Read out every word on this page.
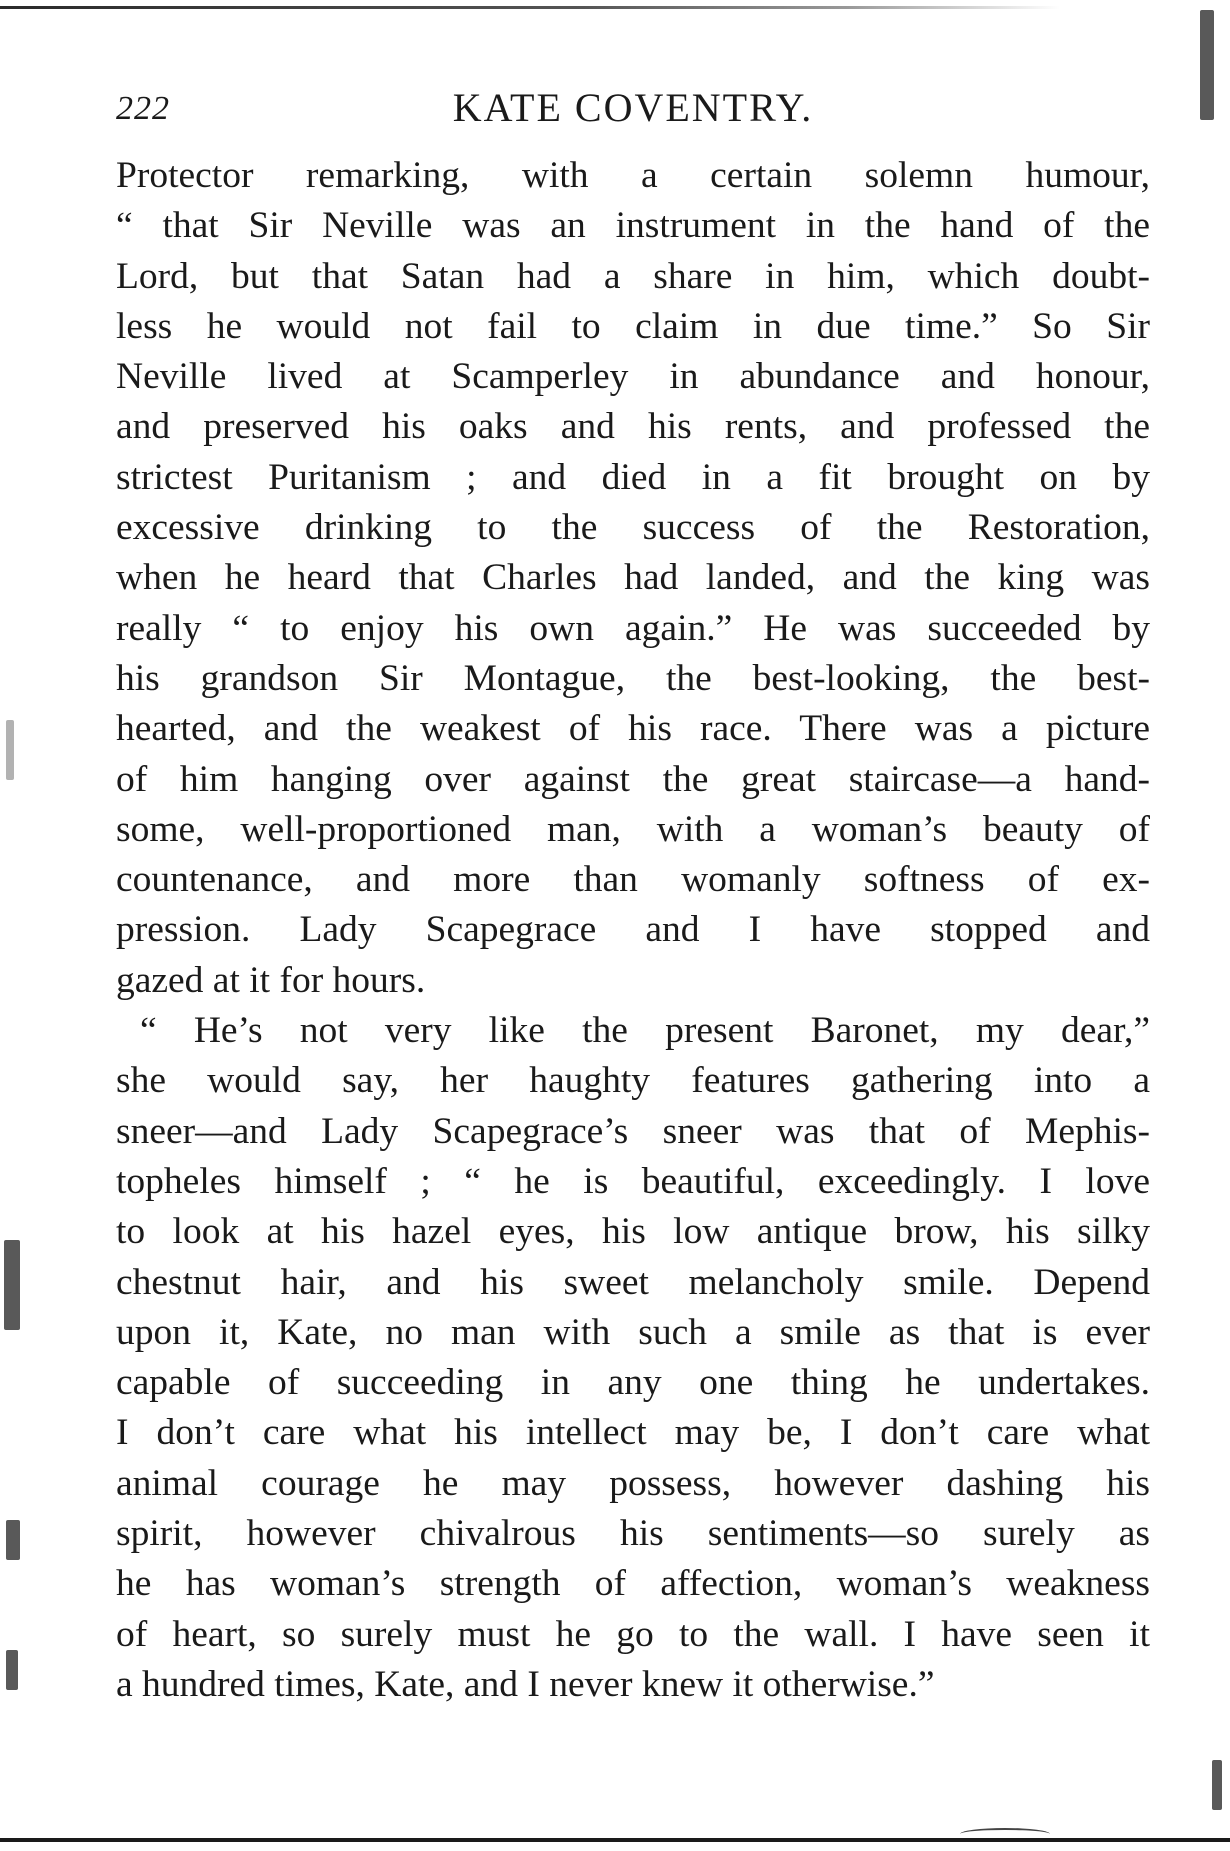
222	KATE COVENTRY.
Protector remarking, with a certain solemn humour,
“ that Sir Neville was an instrument in the hand of the
Lord, but that Satan had a share in him, which doubt-
less he would not fail to claim in due time.” So Sir
Neville lived at Scamperley in abundance and honour,
and preserved his oaks and his rents, and professed the
strictest Puritanism ; and died in a fit brought on by
excessive drinking to the success of the Restoration,
when he heard that Charles had landed, and the king was
really “ to enjoy his own again.” He was succeeded by
his grandson Sir Montague, the best-looking, the best-
hearted, and the weakest of his race. There was a picture
of him hanging over against the great staircase—a hand-
some, well-proportioned man, with a woman’s beauty of
countenance, and more than womanly softness of ex-
pression. Lady Scapegrace and I have stopped and
gazed at it for hours.
“ He’s not very like the present Baronet, my dear,”
she would say, her haughty features gathering into a
sneer—and Lady Scapegrace’s sneer was that of Mephis-
topheles himself ; “ he is beautiful, exceedingly. I love
to look at his hazel eyes, his low antique brow, his silky
chestnut hair, and his sweet melancholy smile. Depend
upon it, Kate, no man with such a smile as that is ever
capable of succeeding in any one thing he undertakes.
I don’t care what his intellect may be, I don’t care what
animal courage he may possess, however dashing his
spirit, however chivalrous his sentiments—so surely as
he has woman’s strength of affection, woman’s weakness
of heart, so surely must he go to the wall. I have seen it
a hundred times, Kate, and I never knew it otherwise.”
